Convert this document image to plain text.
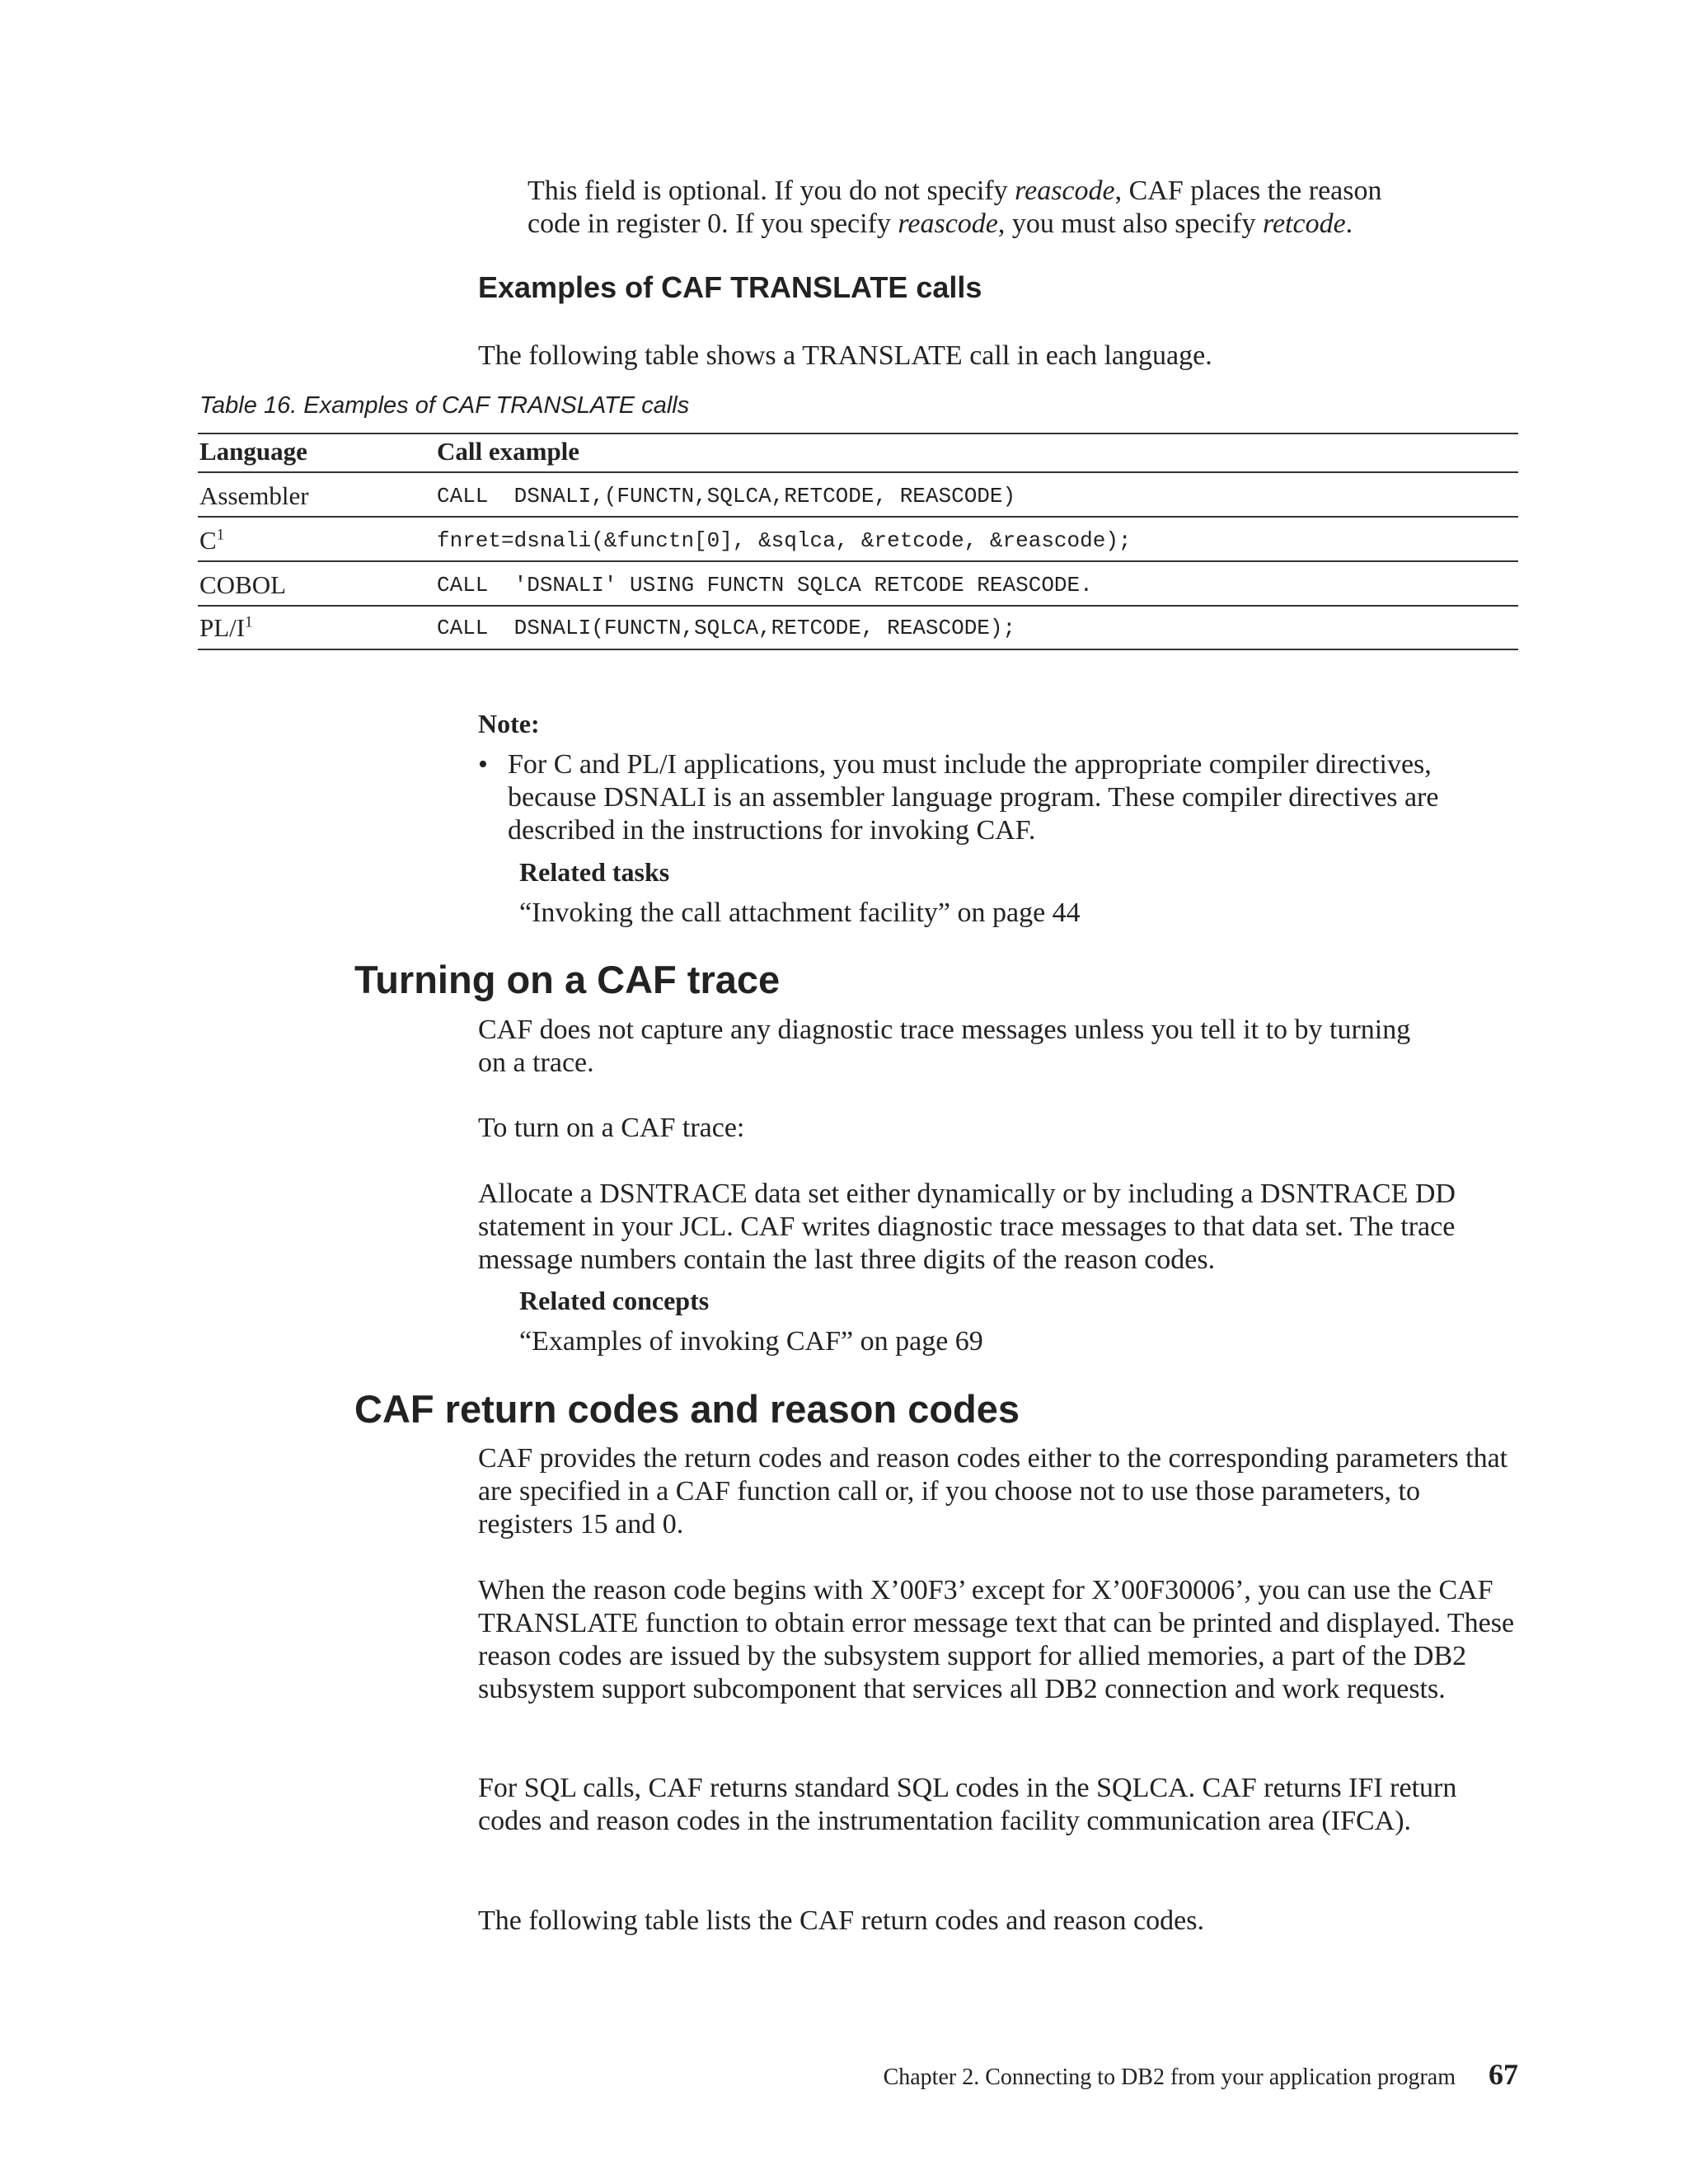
This field is optional. If you do not specify reascode, CAF places the reason
code in register 0. If you specify reascode, you must also specify retcode.
Examples of CAF TRANSLATE calls
The following table shows a TRANSLATE call in each language.
Table 16. Examples of CAF TRANSLATE calls
Language	Call example
Assembler	CALL  DSNALI,(FUNCTN,SQLCA,RETCODE, REASCODE)
$C^1$	fnret=dsnali(&functn[0], &sqlca, &retcode, &reascode);
COBOL	CALL  'DSNALI' USING FUNCTN SQLCA RETCODE REASCODE.
$PL/I^1$	CALL  DSNALI(FUNCTN,SQLCA,RETCODE, REASCODE);
Note:
• For C and PL/I applications, you must include the appropriate compiler directives, because DSNALI is an assembler language program. These compiler directives are described in the instructions for invoking CAF.
Related tasks
“Invoking the call attachment facility” on page 44
Turning on a CAF trace
CAF does not capture any diagnostic trace messages unless you tell it to by turning on a trace.
To turn on a CAF trace:
Allocate a DSNTRACE data set either dynamically or by including a DSNTRACE DD statement in your JCL. CAF writes diagnostic trace messages to that data set. The trace message numbers contain the last three digits of the reason codes.
Related concepts
“Examples of invoking CAF” on page 69
CAF return codes and reason codes
CAF provides the return codes and reason codes either to the corresponding parameters that are specified in a CAF function call or, if you choose not to use those parameters, to registers 15 and 0.
When the reason code begins with X’00F3’ except for X’00F30006’, you can use the CAF TRANSLATE function to obtain error message text that can be printed and displayed. These reason codes are issued by the subsystem support for allied memories, a part of the DB2 subsystem support subcomponent that services all DB2 connection and work requests.
For SQL calls, CAF returns standard SQL codes in the SQLCA. CAF returns IFI return codes and reason codes in the instrumentation facility communication area (IFCA).
The following table lists the CAF return codes and reason codes.
Chapter 2. Connecting to DB2 from your application program 67
